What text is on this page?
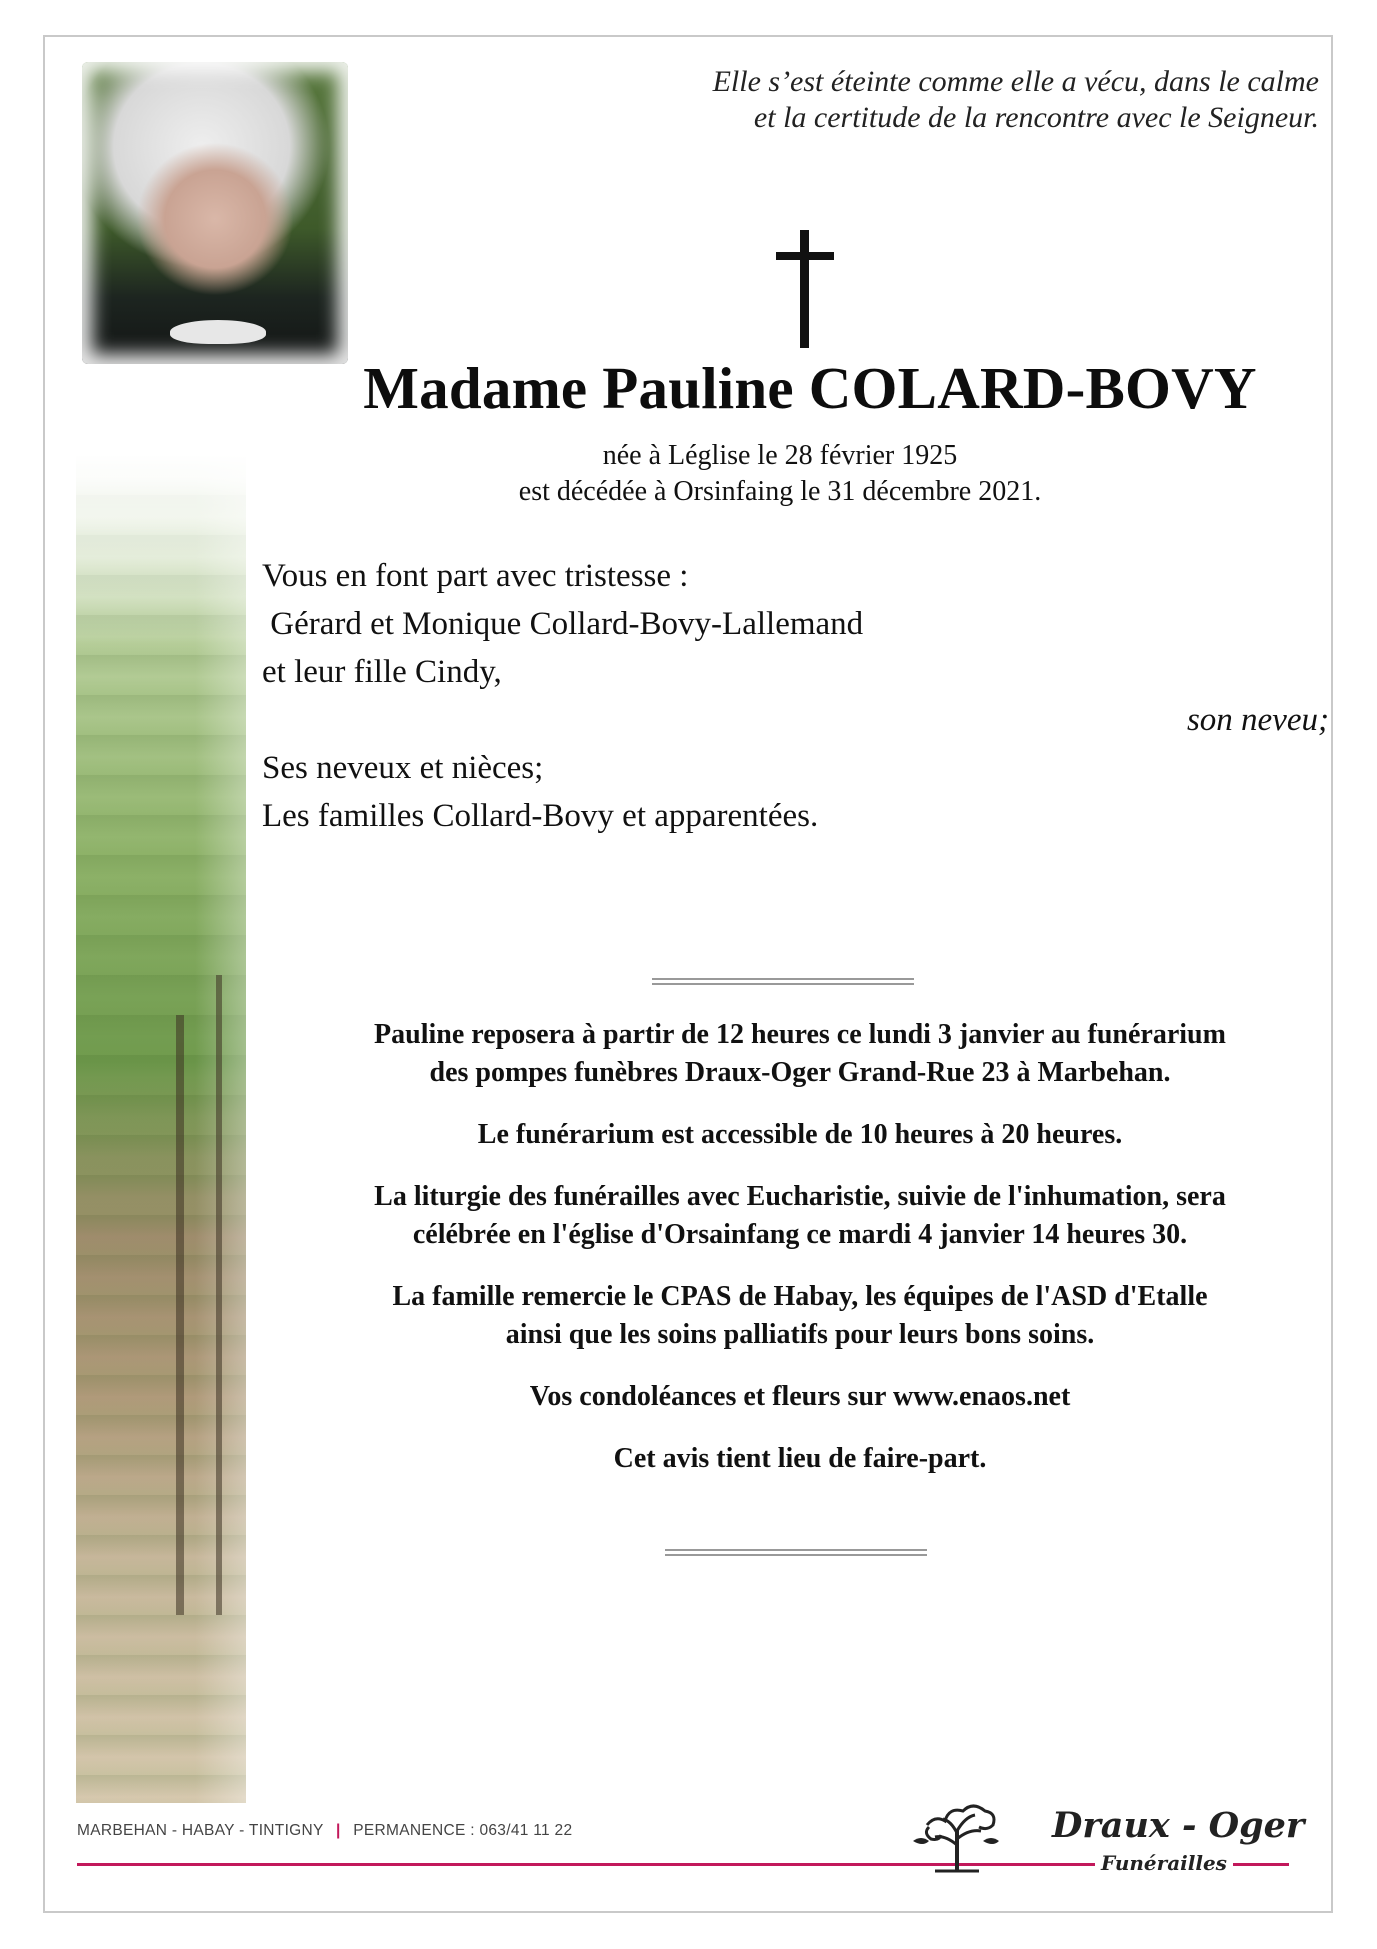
Elle s’est éteinte comme elle a vécu, dans le calme
et la certitude de la rencontre avec le Seigneur.
Madame Pauline COLARD-BOVY
née à Léglise le 28 février 1925
est décédée à Orsinfaing le 31 décembre 2021.
Vous en font part avec tristesse :
Gérard et Monique Collard-Bovy-Lallemand
et leur fille Cindy,
son neveu;
Ses neveux et nièces;
Les familles Collard-Bovy et apparentées.

Pauline reposera à partir de 12 heures ce lundi 3 janvier au funérarium
des pompes funèbres Draux-Oger Grand-Rue 23 à Marbehan.

Le funérarium est accessible de 10 heures à 20 heures.

La liturgie des funérailles avec Eucharistie, suivie de l'inhumation, sera
célébrée en l'église d'Orsainfang ce mardi 4 janvier 14 heures 30.

La famille remercie le CPAS de Habay, les équipes de l'ASD d'Etalle
ainsi que les soins palliatifs pour leurs bons soins.

Vos condoléances et fleurs sur www.enaos.net

Cet avis tient lieu de faire-part.

MARBEHAN - HABAY - TINTIGNY | PERMANENCE : 063/41 11 22	Draux - Oger
Funérailles
